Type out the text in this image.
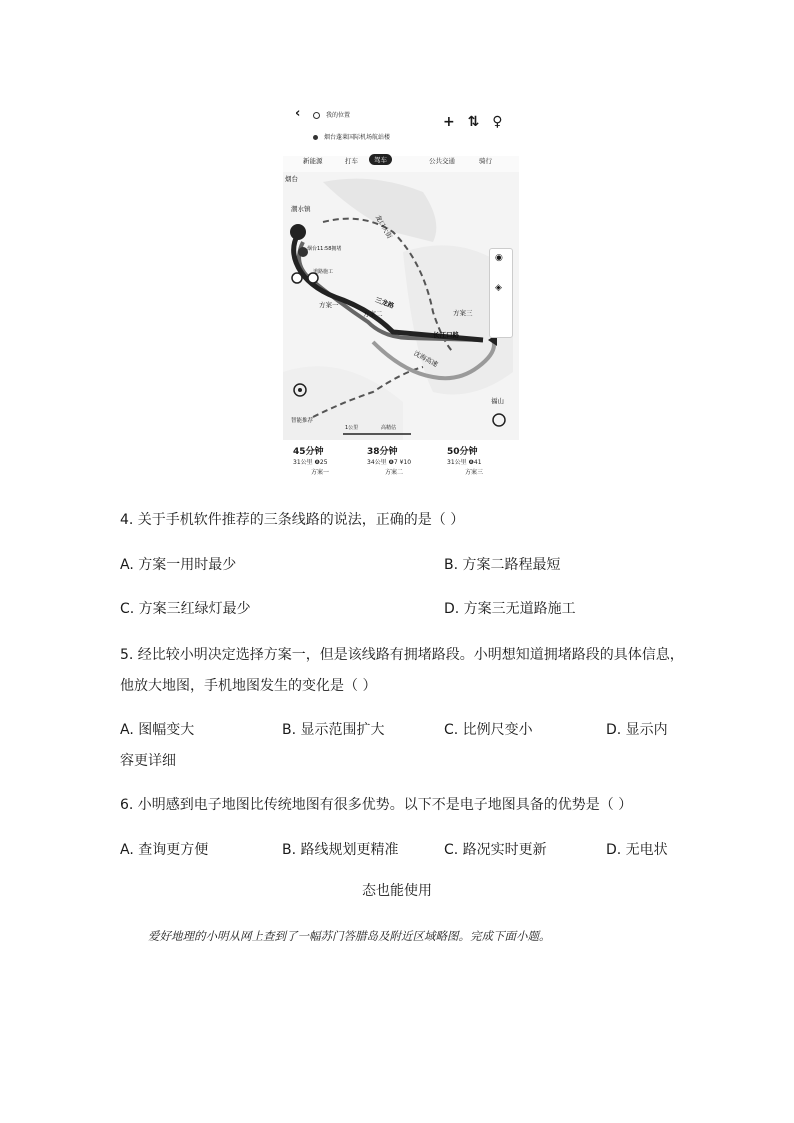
‹	我的位置
烟台蓬莱国际机场航站楼
+ ⇅ ♀
新能源	打车	驾车	公共交通	骑行
潮水镇
烟台
烟台11:58拥堵
道路施工
方案一
方案二	方案三
三龙路
长江口路
沈海高速
龙口大街
福山
智能推荐
1公里	高精估
◉
◈
45分钟
31公里 ❽25
方案一
38分钟
34公里 ❽7 ¥10
方案二
50分钟
31公里 ❽41
方案三
4. 关于手机软件推荐的三条线路的说法，正确的是（ ）
A. 方案一用时最少	B. 方案二路程最短
C. 方案三红绿灯最少	D. 方案三无道路施工
5. 经比较小明决定选择方案一，但是该线路有拥堵路段。小明想知道拥堵路段的具体信息，
他放大地图，手机地图发生的变化是（ ）
A. 图幅变大	B. 显示范围扩大	C. 比例尺变小	D. 显示内
容更详细
6. 小明感到电子地图比传统地图有很多优势。以下不是电子地图具备的优势是（ ）
A. 查询更方便	B. 路线规划更精准	C. 路况实时更新	D. 无电状
态也能使用
爱好地理的小明从网上查到了一幅苏门答腊岛及附近区域略图。完成下面小题。
